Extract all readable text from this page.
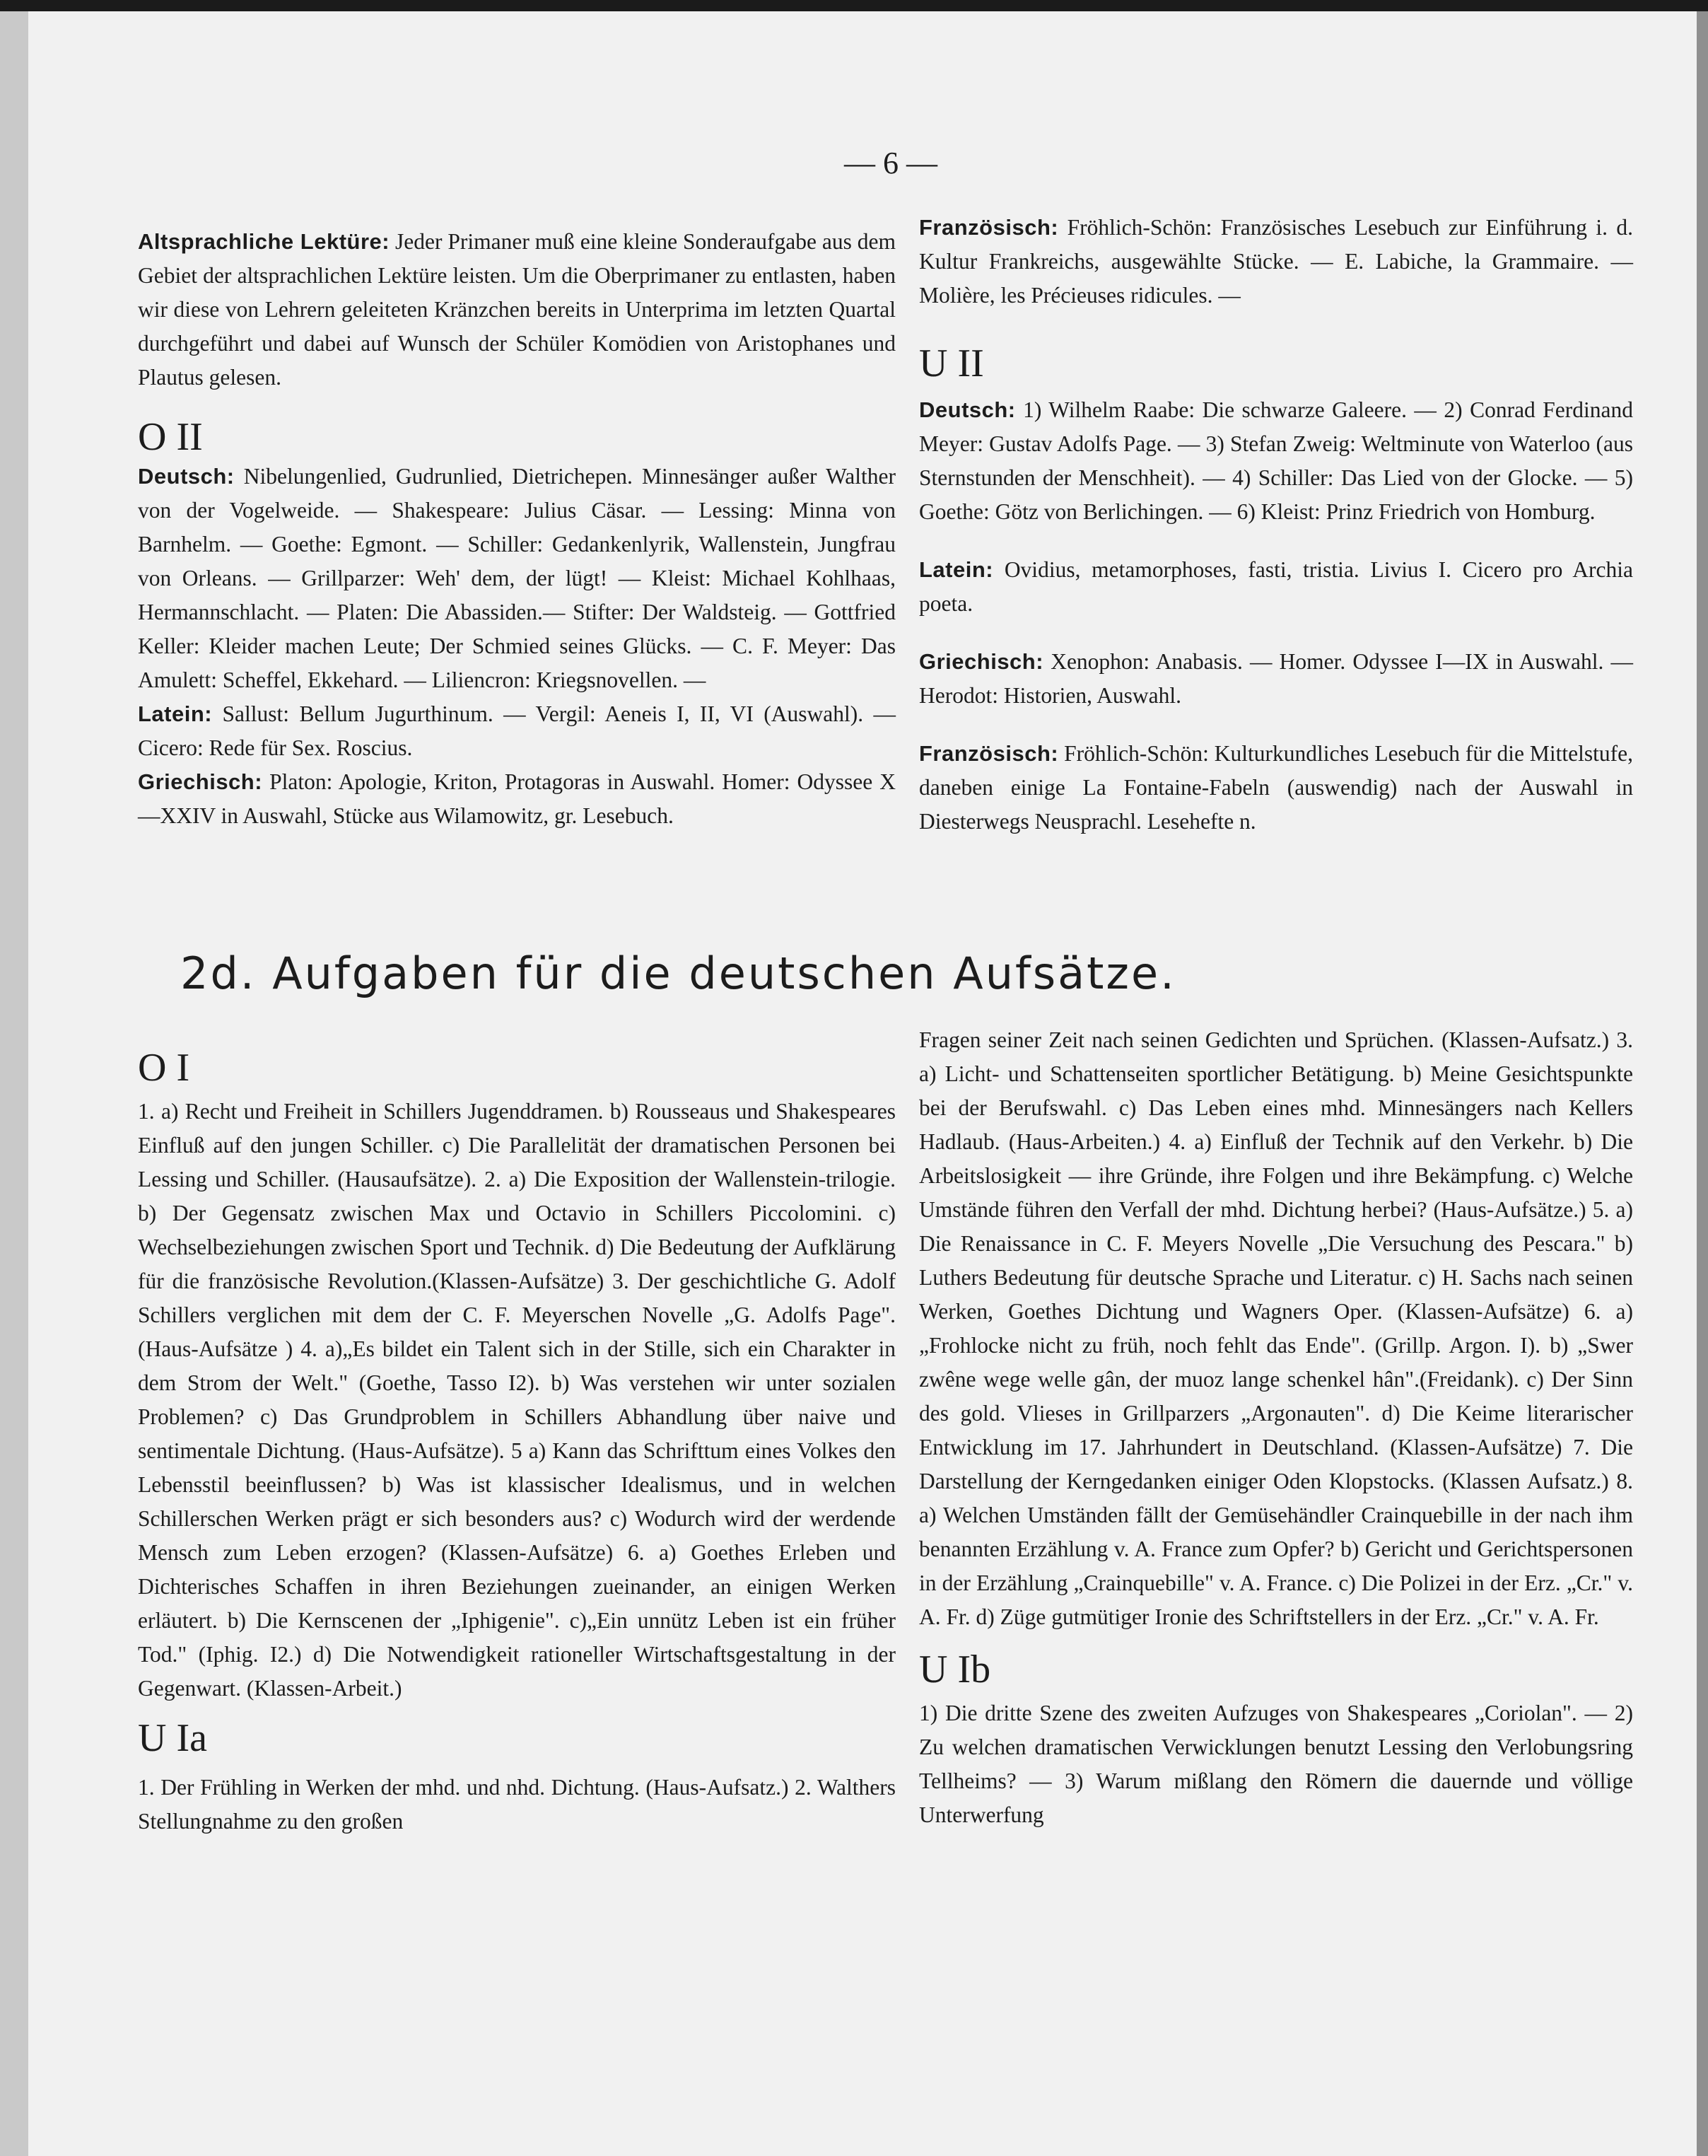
— 6 —

Altsprachliche Lektüre: Jeder Primaner muß eine kleine Sonderaufgabe aus dem Gebiet der altsprachlichen Lektüre leisten. Um die Oberprimaner zu entlasten, haben wir diese von Lehrern geleiteten Kränzchen bereits in Unterprima im letzten Quartal durchgeführt und dabei auf Wunsch der Schüler Komödien von Aristophanes und Plautus gelesen.

O II

Deutsch: Nibelungenlied, Gudrunlied, Dietrichepen. Minnesänger außer Walther von der Vogelweide. — Shakespeare: Julius Cäsar. — Lessing: Minna von Barnhelm. — Goethe: Egmont. — Schiller: Gedankenlyrik, Wallenstein, Jungfrau von Orleans. — Grillparzer: Weh' dem, der lügt! — Kleist: Michael Kohlhaas, Hermannschlacht. — Platen: Die Abassiden.— Stifter: Der Waldsteig. — Gottfried Keller: Kleider machen Leute; Der Schmied seines Glücks. — C. F. Meyer: Das Amulett: Scheffel, Ekkehard. — Liliencron: Kriegsnovellen. —

Latein: Sallust: Bellum Jugurthinum. — Vergil: Aeneis I, II, VI (Auswahl). — Cicero: Rede für Sex. Roscius.

Griechisch: Platon: Apologie, Kriton, Protagoras in Auswahl. Homer: Odyssee X—XXIV in Auswahl, Stücke aus Wilamowitz, gr. Lesebuch.

Französisch: Fröhlich-Schön: Französisches Lesebuch zur Einführung i. d. Kultur Frankreichs, ausgewählte Stücke. — E. Labiche, la Grammaire. — Molière, les Précieuses ridicules. —

U II

Deutsch: 1) Wilhelm Raabe: Die schwarze Galeere. — 2) Conrad Ferdinand Meyer: Gustav Adolfs Page. — 3) Stefan Zweig: Weltminute von Waterloo (aus Sternstunden der Menschheit). — 4) Schiller: Das Lied von der Glocke. — 5) Goethe: Götz von Berlichingen. — 6) Kleist: Prinz Friedrich von Homburg.

Latein: Ovidius, metamorphoses, fasti, tristia. Livius I. Cicero pro Archia poeta.

Griechisch: Xenophon: Anabasis. — Homer. Odyssee I—IX in Auswahl. — Herodot: Historien, Auswahl.

Französisch: Fröhlich-Schön: Kulturkundliches Lesebuch für die Mittelstufe, daneben einige La Fontaine-Fabeln (auswendig) nach der Auswahl in Diesterwegs Neusprachl. Lesehefte n.

2d. Aufgaben für die deutschen Aufsätze.
O I

1. a) Recht und Freiheit in Schillers Jugenddramen. b) Rousseaus und Shakespeares Einfluß auf den jungen Schiller. c) Die Parallelität der dramatischen Personen bei Lessing und Schiller. (Hausaufsätze). 2. a) Die Exposition der Wallenstein-trilogie. b) Der Gegensatz zwischen Max und Octavio in Schillers Piccolomini. c) Wechselbeziehungen zwischen Sport und Technik. d) Die Bedeutung der Aufklärung für die französische Revolution.(Klassen-Aufsätze) 3. Der geschichtliche G. Adolf Schillers verglichen mit dem der C. F. Meyerschen Novelle „G. Adolfs Page". (Haus-Aufsätze ) 4. a)„Es bildet ein Talent sich in der Stille, sich ein Charakter in dem Strom der Welt." (Goethe, Tasso I2). b) Was verstehen wir unter sozialen Problemen? c) Das Grundproblem in Schillers Abhandlung über naive und sentimentale Dichtung. (Haus-Aufsätze). 5 a) Kann das Schrifttum eines Volkes den Lebensstil beeinflussen? b) Was ist klassischer Idealismus, und in welchen Schillerschen Werken prägt er sich besonders aus? c) Wodurch wird der werdende Mensch zum Leben erzogen? (Klassen-Aufsätze) 6. a) Goethes Erleben und Dichterisches Schaffen in ihren Beziehungen zueinander, an einigen Werken erläutert. b) Die Kernscenen der „Iphigenie". c)„Ein unnütz Leben ist ein früher Tod." (Iphig. I2.) d) Die Notwendigkeit rationeller Wirtschaftsgestaltung in der Gegenwart. (Klassen-Arbeit.)

U Ia

1. Der Frühling in Werken der mhd. und nhd. Dichtung. (Haus-Aufsatz.) 2. Walthers Stellungnahme zu den großen

Fragen seiner Zeit nach seinen Gedichten und Sprüchen. (Klassen-Aufsatz.) 3. a) Licht- und Schattenseiten sportlicher Betätigung. b) Meine Gesichtspunkte bei der Berufswahl. c) Das Leben eines mhd. Minnesängers nach Kellers Hadlaub. (Haus-Arbeiten.) 4. a) Einfluß der Technik auf den Verkehr. b) Die Arbeitslosigkeit — ihre Gründe, ihre Folgen und ihre Bekämpfung. c) Welche Umstände führen den Verfall der mhd. Dichtung herbei? (Haus-Aufsätze.) 5. a) Die Renaissance in C. F. Meyers Novelle „Die Versuchung des Pescara." b) Luthers Bedeutung für deutsche Sprache und Literatur. c) H. Sachs nach seinen Werken, Goethes Dichtung und Wagners Oper. (Klassen-Aufsätze) 6. a) „Frohlocke nicht zu früh, noch fehlt das Ende". (Grillp. Argon. I). b) „Swer zwêne wege welle gân, der muoz lange schenkel hân".(Freidank). c) Der Sinn des gold. Vlieses in Grillparzers „Argonauten". d) Die Keime literarischer Entwicklung im 17. Jahrhundert in Deutschland. (Klassen-Aufsätze) 7. Die Darstellung der Kerngedanken einiger Oden Klopstocks. (Klassen Aufsatz.) 8. a) Welchen Umständen fällt der Gemüsehändler Crainquebille in der nach ihm benannten Erzählung v. A. France zum Opfer? b) Gericht und Gerichtspersonen in der Erzählung „Crainquebille" v. A. France. c) Die Polizei in der Erz. „Cr." v. A. Fr. d) Züge gutmütiger Ironie des Schriftstellers in der Erz. „Cr." v. A. Fr.

U Ib

1) Die dritte Szene des zweiten Aufzuges von Shakespeares „Coriolan". — 2) Zu welchen dramatischen Verwicklungen benutzt Lessing den Verlobungsring Tellheims? — 3) Warum mißlang den Römern die dauernde und völlige Unterwerfung
